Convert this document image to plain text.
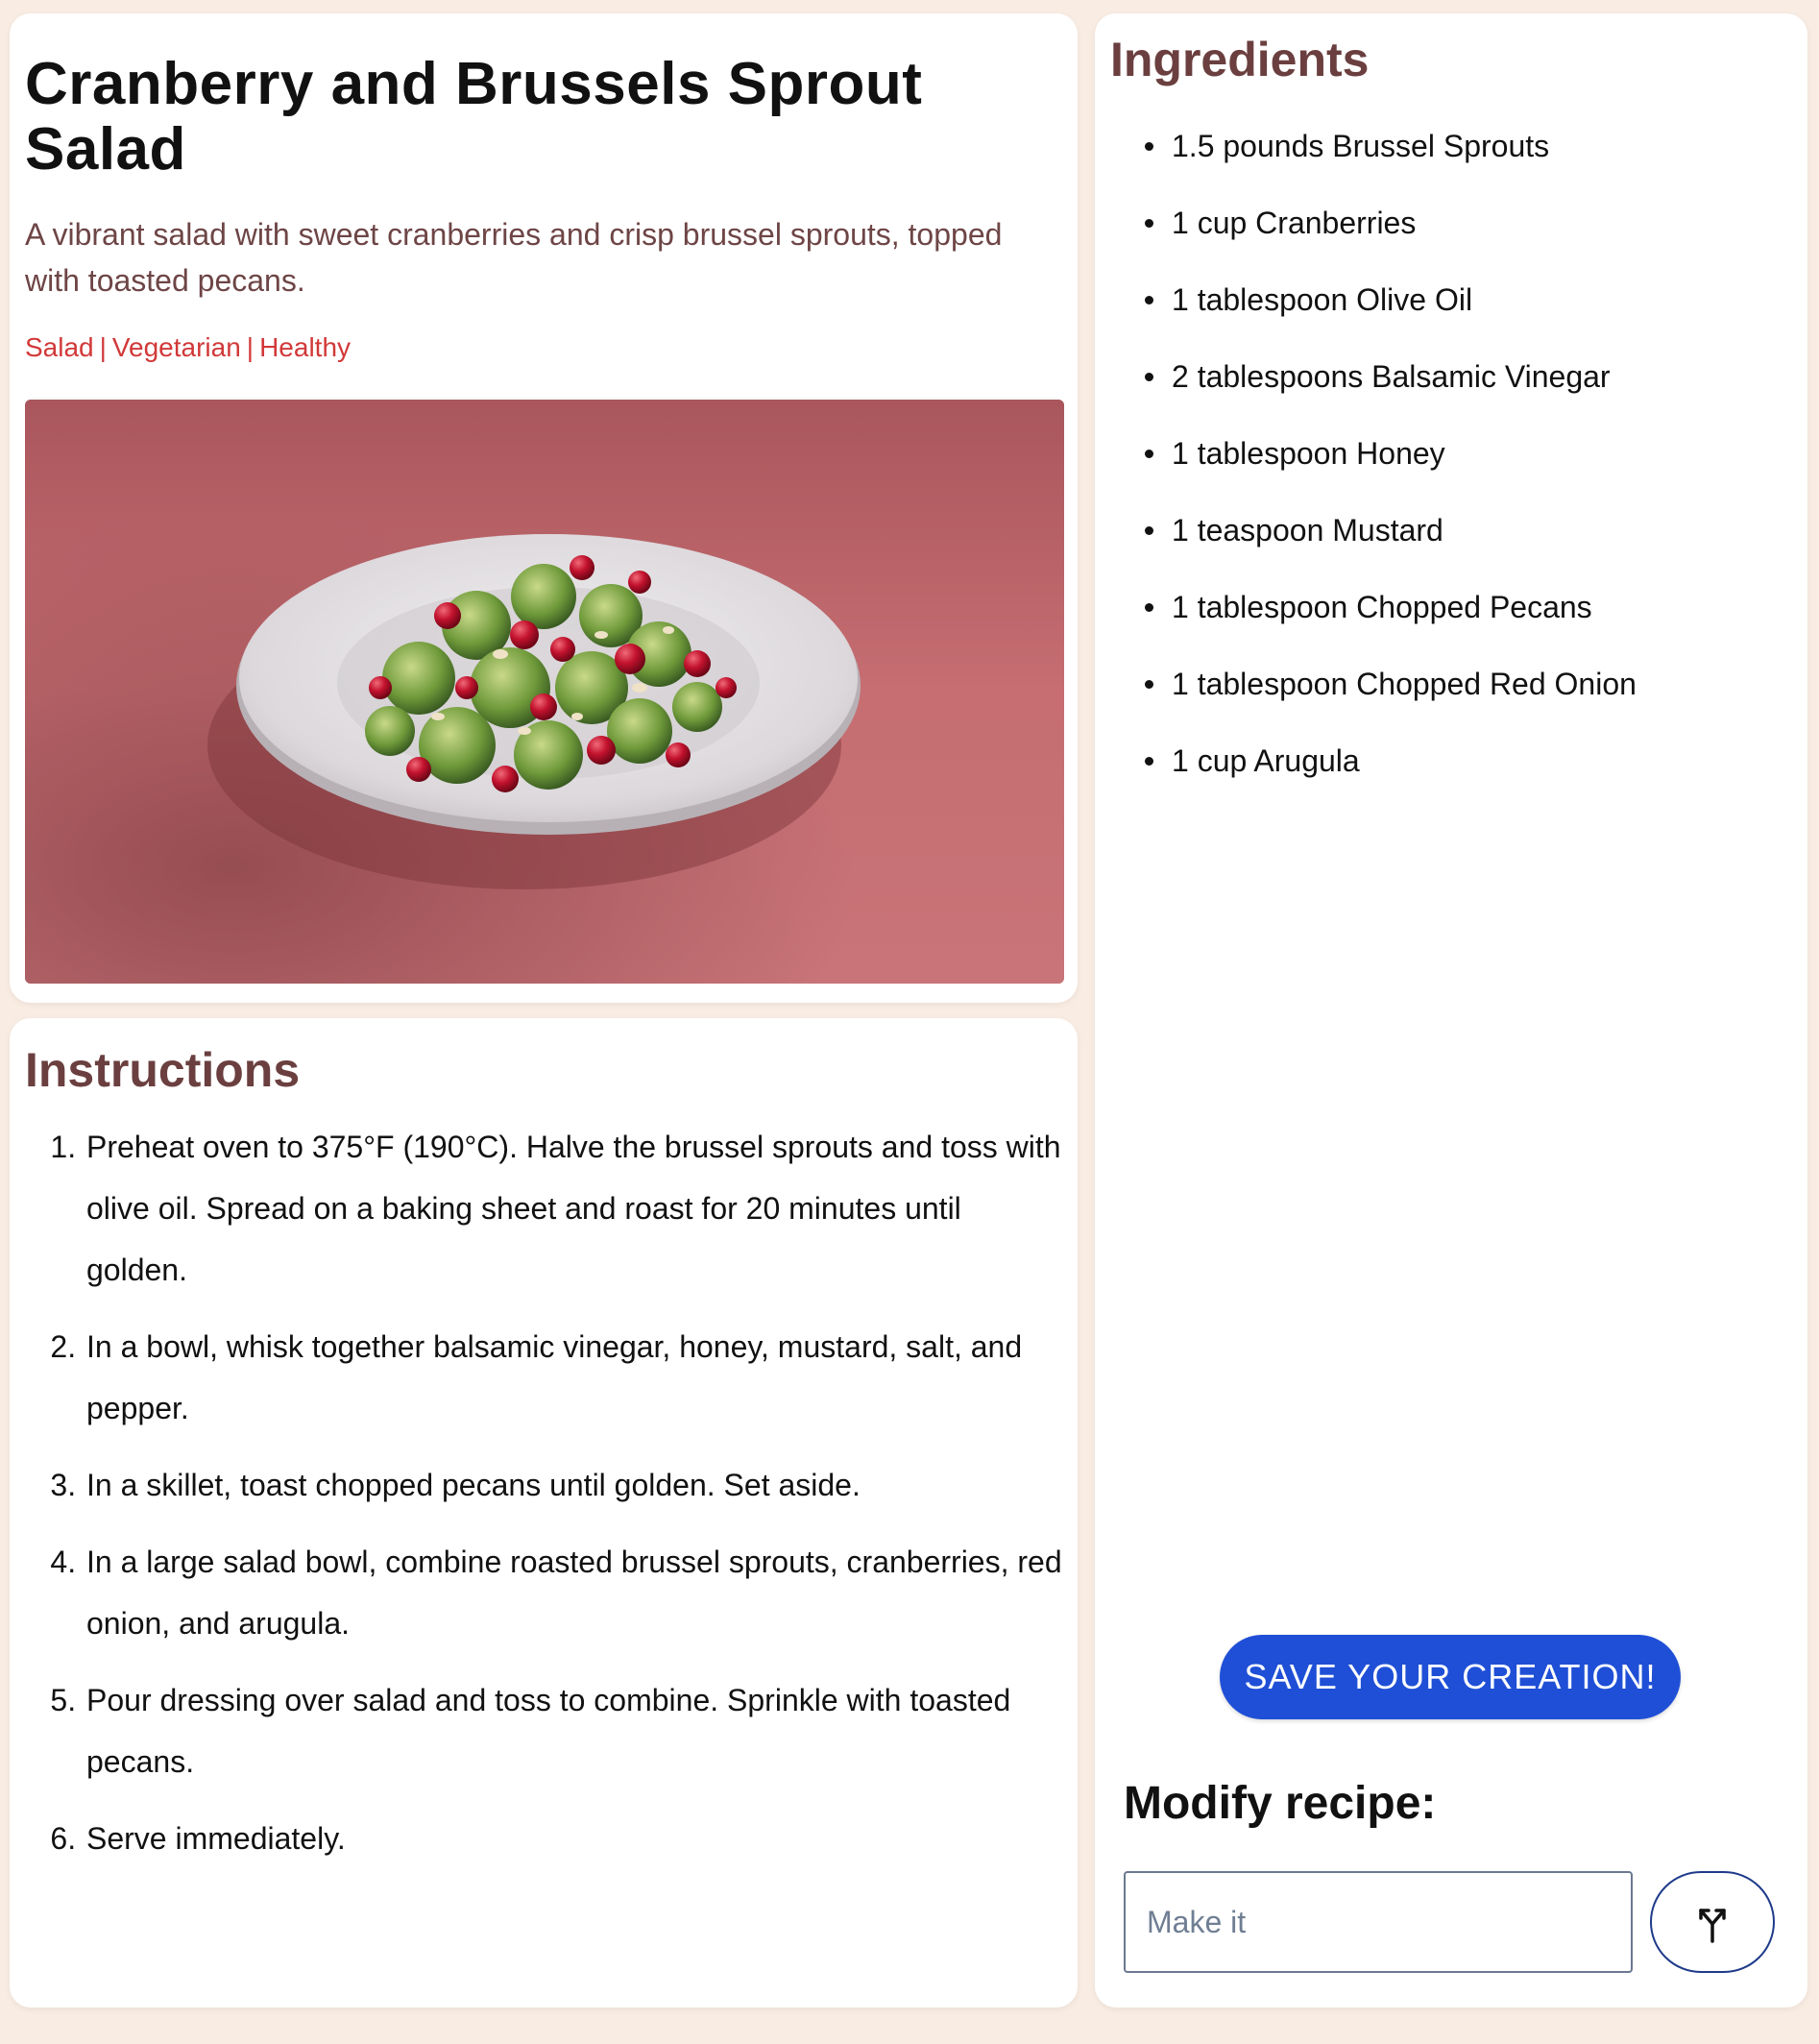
Cranberry and Brussels Sprout Salad

A vibrant salad with sweet cranberries and crisp brussel sprouts, topped with toasted pecans.

Salad | Vegetarian | Healthy
Instructions
1. Preheat oven to 375°F (190°C). Halve the brussel sprouts and toss with olive oil. Spread on a baking sheet and roast for 20 minutes until golden.
2. In a bowl, whisk together balsamic vinegar, honey, mustard, salt, and pepper.
3. In a skillet, toast chopped pecans until golden. Set aside.
4. In a large salad bowl, combine roasted brussel sprouts, cranberries, red onion, and arugula.
5. Pour dressing over salad and toss to combine. Sprinkle with toasted pecans.
6. Serve immediately.
Ingredients
1.5 pounds Brussel Sprouts
1 cup Cranberries
1 tablespoon Olive Oil
2 tablespoons Balsamic Vinegar
1 tablespoon Honey
1 teaspoon Mustard
1 tablespoon Chopped Pecans
1 tablespoon Chopped Red Onion
1 cup Arugula
SAVE YOUR CREATION!
Modify recipe:
Make it
